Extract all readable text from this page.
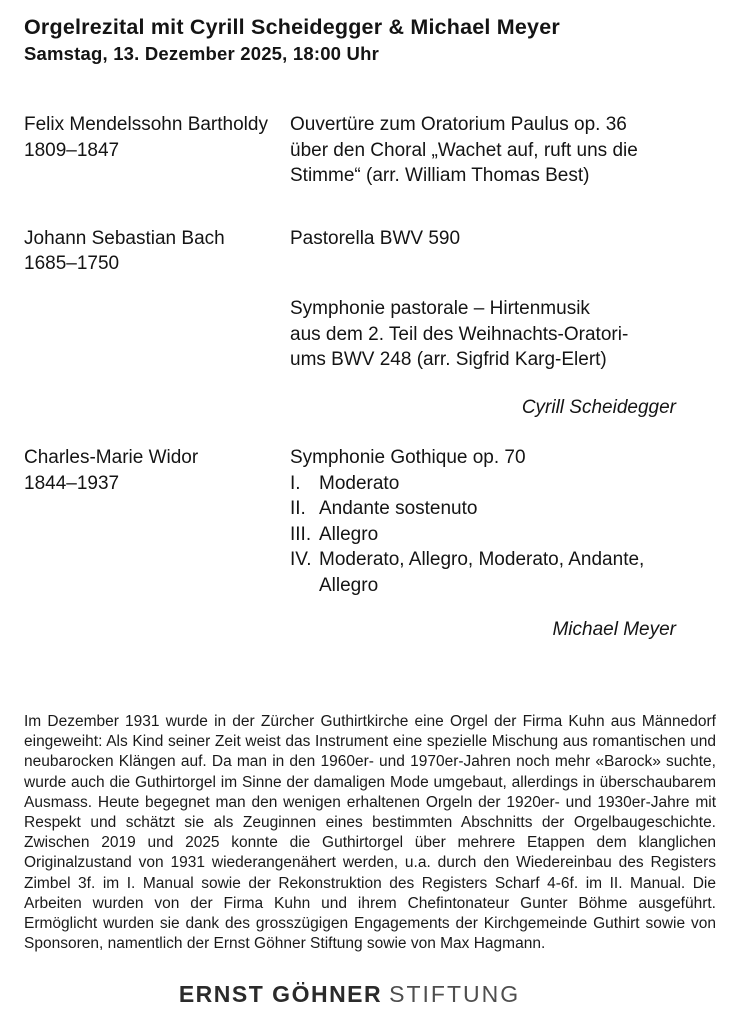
Orgelrezital mit Cyrill Scheidegger & Michael Meyer
Samstag, 13. Dezember 2025, 18:00 Uhr
Felix Mendelssohn Bartholdy
1809–1847
Ouvertüre zum Oratorium Paulus op. 36
über den Choral „Wachet auf, ruft uns die
Stimme“ (arr. William Thomas Best)
Johann Sebastian Bach
1685–1750
Pastorella BWV 590
Symphonie pastorale – Hirtenmusik
aus dem 2. Teil des Weihnachts-Oratori-
ums BWV 248 (arr. Sigfrid Karg-Elert)
Cyrill Scheidegger
Charles-Marie Widor
1844–1937
Symphonie Gothique op. 70
I. Moderato
II. Andante sostenuto
III. Allegro
IV. Moderato, Allegro, Moderato, Andante,
Allegro
Michael Meyer

Im Dezember 1931 wurde in der Zürcher Guthirtkirche eine Orgel der Firma Kuhn aus Männedorf eingeweiht: Als Kind seiner Zeit weist das Instrument eine spezielle Mischung aus romantischen und neubarocken Klängen auf. Da man in den 1960er- und 1970er-Jahren noch mehr «Barock» suchte, wurde auch die Guthirtorgel im Sinne der damaligen Mode umgebaut, allerdings in überschaubarem Ausmass. Heute begegnet man den wenigen erhaltenen Orgeln der 1920er- und 1930er-Jahre mit Respekt und schätzt sie als Zeuginnen eines bestimmten Abschnitts der Orgelbaugeschichte. Zwischen 2019 und 2025 konnte die Guthirtorgel über mehrere Etappen dem klanglichen Originalzustand von 1931 wiederangenähert werden, u.a. durch den Wiedereinbau des Registers Zimbel 3f. im I. Manual sowie der Rekonstruktion des Registers Scharf 4-6f. im II. Manual. Die Arbeiten wurden von der Firma Kuhn und ihrem Chefintonateur Gunter Böhme ausgeführt. Ermöglicht wurden sie dank des grosszügigen Engagements der Kirchgemeinde Guthirt sowie von Sponsoren, namentlich der Ernst Göhner Stiftung sowie von Max Hagmann.

ERNST GÖHNER STIFTUNG
